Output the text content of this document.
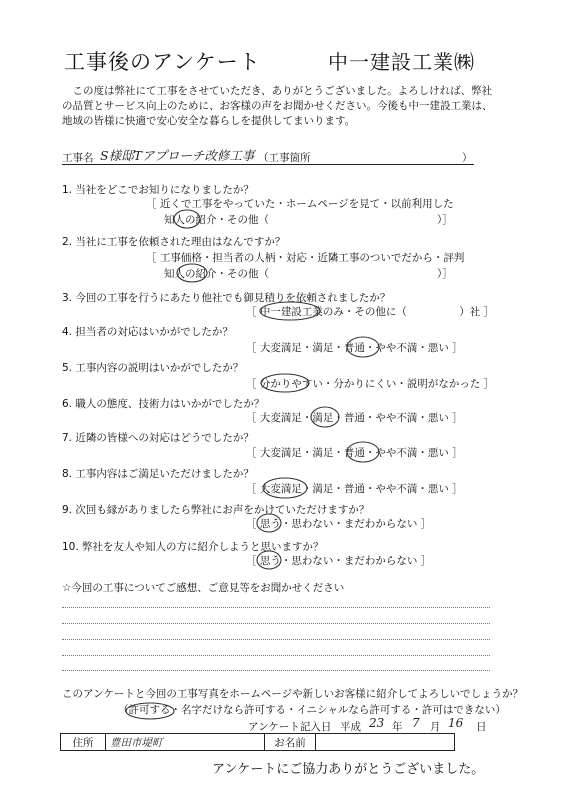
工事後のアンケート	中一建設工業㈱
この度は弊社にて工事をさせていただき、ありがとうございました。よろしければ、弊社の品質とサービス向上のために、お客様の声をお聞かせください。今後も中一建設工業は、地域の皆様に快適で安心安全な暮らしを提供してまいります。
工事名 S様邸Tアプローチ改修工事 （工事箇所	）
1. 当社をどこでお知りになりましたか？
［ 近くで工事をやっていた・ホームページを見て・以前利用した
知人の紹介・その他（　　　　　　　　　　　　　　　　）］
2. 当社に工事を依頼された理由はなんですか？
［ 工事価格・担当者の人柄・対応・近隣工事のついでだから・評判
知人の紹介・その他（　　　　　　　　　　　　　　　　）］
3. 今回の工事を行うにあたり他社でも御見積りを依頼されましたか？
［ 中一建設工業のみ・その他に（　　　　　）社 ］
4. 担当者の対応はいかがでしたか？
［ 大変満足・満足・普通・やや不満・悪い ］
5. 工事内容の説明はいかがでしたか？
［ 分かりやすい・分かりにくい・説明がなかった ］
6. 職人の態度、技術力はいかがでしたか？
［ 大変満足・満足・普通・やや不満・悪い ］
7. 近隣の皆様への対応はどうでしたか？
［ 大変満足・満足・普通・やや不満・悪い ］
8. 工事内容はご満足いただけましたか？
［ 大変満足・満足・普通・やや不満・悪い ］
9. 次回も縁がありましたら弊社にお声をかけていただけますか？
［ 思う・思わない・まだわからない ］
10. 弊社を友人や知人の方に紹介しようと思いますか？
［ 思う・思わない・まだわからない ］
☆今回の工事についてご感想、ご意見等をお聞かせください
このアンケートと今回の工事写真をホームページや新しいお客様に紹介してよろしいでしょうか？
（許可する・名字だけなら許可する・イニシャルなら許可する・許可はできない）
アンケート記入日 平成 23 年 7 月 16 日
住所	豊田市堤町	お名前	
アンケートにご協力ありがとうございました。
